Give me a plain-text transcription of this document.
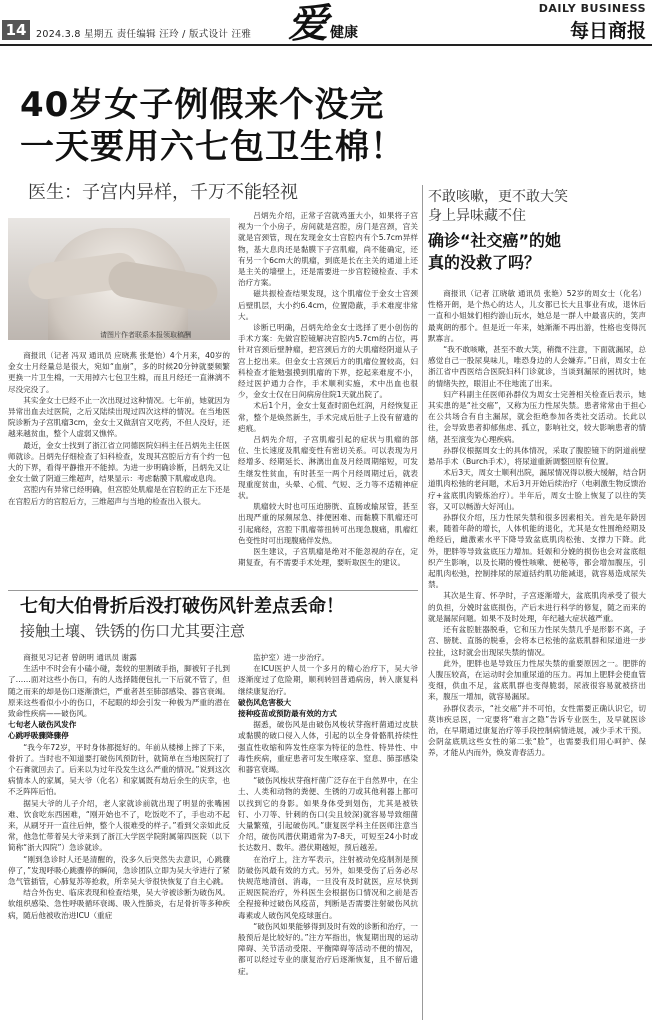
14	2024.3.8 星期五 责任编辑 汪玲 / 版式设计 汪雅 爱 健康
DAILY BUSINESS
每日商报
40岁女子例假来个没完
一天要用六七包卫生棉！
医生：子宫内异样，千万不能轻视
请图片作者联系本报领取稿酬

商报讯（记者 冯双 通讯员 应晓燕 张楚怡）4个月来，40岁的金女士月经量总是很大，宛如“血崩”，多的时候20分钟就要频繁更换一片卫生棉，一天用掉六七包卫生棉，而且月经还一直淋漓不尽没完没了。

其实金女士已经不止一次出现过这种情况。七年前，她就因为异常出血去过医院，之后又陆续出现过四次这样的情况。在当地医院诊断为子宫肌瘤3cm，金女士又做刮宫又吃药，不但人没好，还越来越贫血，整个人虚弱又憔悴。

最近，金女士找到了浙江省立同德医院妇科主任吕炳先主任医师就诊。吕炳先仔细检查了妇科检查，发现其宫腔后方有个约一包大的下界，看得平静推开不能掉。为进一步明确诊断，吕炳先又让金女士做了阴道三维超声，结果显示：考虑黏膜下肌瘤或息肉。

宫腔内有异常已经明确，但宫腔处肌瘤是在宫腔的正左下还是在宫腔后方的宫腔后方，三维超声与当地的检查出入很大。

吕炳先介绍，正常子宫就鸡蛋大小，如果将子宫视为一个小房子，房间就是宫腔，房门是宫颈，宫关就是宫颈管，现在发现金女士宫腔内有个5.7cm异样物，基大息肉还是黏膜下子宫肌瘤，尚不能确定，还有另一个6cm大的肌瘤，到底是长在主关的通道上还是主关的墙壁上，还是需要进一步宫腔镜检查、手术治疗方案。

磁共振检查结果发现，这个肌瘤位于金女士宫颈后壁肌层，大小约6.4cm，位置隐蔽，手术难度非常大。

诊断已明确，吕炳先给金女士选择了更小创伤的手术方案：先做宫腔镜解决宫腔内5.7cm的占位，再针对宫颈后壁肿瘤，把宫颈后方的大肌瘤经阴道从子宫上挖出来。但金女士宫颈后方的肌瘤位置较高，妇科检查才能勉强摸到肌瘤的下界，挖起来难度不小，经过医护通力合作，手术顺利实施，术中出血也很少，金女士仅在日间病房住院1天就出院了。

术后1个月，金女士复查时面色红润，月经恢复正常，整个是焕然新生，手术完成后肚子上没有留遗的疤痕。

吕炳先介绍，子宫肌瘤引起的症状与肌瘤的部位、生长速度及肌瘤变性有密切关系。可以表现为月经增多、经期延长、淋漓出血及月经周期缩短，可发生继发性贫血，有时甚至一两个月经周期过后，就表现重度贫血，头晕、心慌、气短、乏力等不适精神症状。

肌瘤较大时也可压迫膀胱、直肠或输尿管，甚至出现严重的尿频尿急、排便困难、而黏膜下肌瘤还可引起痛经，宫腔下肌瘤蒂扭转可出现急腹痛，肌瘤红色变性时可出现腹痛伴发热。

医生建议，子宫肌瘤是绝对不能忽视的存在，定期复查，有不需要手术处理，要听取医生的建议。

不敢咳嗽，更不敢大笑
身上异味藏不住
确诊“社交癌”的她
真的没救了吗？

商报讯（记者 江晓敏 通讯员 张艳）52岁的周女士（化名）性格开朗，是个热心的达人，儿女都已长大且事业有成，退休后一直和小姐妹们相约游山玩水，她总是一群人中最喜庆的，笑声最爽朗的那个。但是近一年来，她渐渐不再出游，性格也变得沉默寡言。

“我不敢咳嗽，甚至不敢大笑，稍微不注意，下面就漏尿，总感觉自己一股尿臭味儿，唯恐身边的人会嫌弃。”日前，周女士在浙江省中西医结合医院妇科门诊就诊，当谈到漏尿的困扰时，她的情绪失控，眼泪止不住地流了出来。

妇产科副主任医师孙群仪为周女士完善相关检查后表示，她其实患的是“社交癌”，又称为压力性尿失禁。患者常常由于担心在公共场合有自主漏尿，就会拒绝参加各类社交活动。长此以往，会导致患者抑郁焦虑、孤立，影响社交，较大影响患者的情绪，甚至演变为心理疾病。

孙群仪根据周女士的具体情况，采取了腹腔镜下的阴道前壁悬吊手术（Burch手术），将尿道重新调整回原有位置。

术后3天，周女士顺利出院，漏尿情况得以极大缓解，结合阴道肌肉松弛的老问题，术后3月开始后续治疗（电刺激生物反馈治疗+盆底肌肉锻炼治疗）。半年后，周女士脸上恢复了以往的笑容，又可以畅游大好河山。

孙群仪介绍，压力性尿失禁和很多因素相关。首先是年龄因素，随着年龄的增长，人体机能的退化，尤其是女性围绝经期及绝经后，雌激素水平下降导致盆底肌肉松弛、支撑力下降。此外，肥胖等导致盆底压力增加。妊娠和分娩的损伤也会对盆底组织产生影响，以及长期的慢性咳嗽、便秘等，都会增加腹压，引起肌肉松弛，控制排尿的尿道括约肌功能减退，就容易造成尿失禁。

其次是生育、怀孕时，子宫逐渐增大，盆底肌肉承受了很大的负担，分娩时盆底损伤，产后未进行科学的修复，随之而来的就是漏尿问题。如果不及时处理，年纪越大症状越严重。

还有盆腔脏器脱垂，它和压力性尿失禁几乎是形影不离，子宫、膀胱、直肠的脱垂，会将本已松弛的盆底肌群和尿道进一步拉扯，这时就会出现尿失禁的情况。

此外，肥胖也是导致压力性尿失禁的重要原因之一。肥胖的人腹压较高，在运动时会加重尿道的压力。再加上肥胖会使血管变细，供血不足，盆底肌群也变得脆弱，尿液很容易就被挤出来，腹压一增加，就容易漏尿。

孙群仪表示，“社交癌”并不可怕，女性需要正确认识它，切莫讳疾忌医，一定要将“难言之隐”告诉专业医生，及早就医诊治，在早期通过康复治疗等手段控制病情进展，减少手术干预。会阴盆底肌这些女性的第二张“脸”，也需要我们用心呵护、保养，才能从内而外，焕发青春活力。

七旬大伯骨折后没打破伤风针差点丢命！
接触土壤、铁锈的伤口尤其要注意

商报见习记者 曾朗明 通讯员 谢露

生活中不时会有小磕小碰，轰较的里割破手指，脚被钉子扎到了……面对这些小伤口，有的人选择随便包扎一下后就不管了，但随之而来的却是伤口逐渐溃烂，严重者甚至肺部感染、器官衰竭。原来这些看似小小的伤口，不起眼的却会引发一种极为严重的潜在致命性疾病——破伤风。

七旬老人破伤风发作

心跳呼吸骤降骤停

“我今年72岁，平时身体都挺好的。年前从楼梯上摔了下来，骨折了。当时也不知道要打破伤风预防针，就简单在当地医院打了个石膏就回去了。后来以为过年没发生这么严重的情况。”说到这次病情本人的家属，吴大爷（化名）和家属既有劫后余生的庆幸，也不乏阵阵后怕。

据吴大爷的儿子介绍，老人家就诊前就出现了明显的张嘴困难、饮食吃东西困难，“刚开始也不了，吃饭吃不了，手也动不起来，从刷牙开一直往后伸，整个人很难受的样子。”看到父亲如此反常，他急忙带着吴大爷来到了浙江大学医学院附属第四医院（以下简称“浙大四院”）急诊就诊。

“刚到急诊时人还是清醒的，没多久后突然失去意识，心跳骤停了，”发现呼吸心跳骤停的瞬间，急诊团队立即为吴大爷进行了紧急气管插管，心肺复苏等抢救，所幸吴大爷很快恢复了自主心跳。

结合外伤史、临床表现和检查结果，吴大爷被诊断为破伤风。软组织感染、急性呼吸循环衰竭、吸入性肺炎，右足骨折等多种疾病，随后他被收治进ICU（重症

监护室）进一步治疗。

在ICU医护人员一个多月的精心治疗下，吴大爷逐渐度过了危险期，顺利转回普通病房，转入康复科继续康复治疗。

破伤风危害极大

接种疫苗或预防最有效的方式

据悉，破伤风是由破伤风梭状芽孢杆菌通过皮肤或黏膜的破口侵入人体，引起的以全身骨骼肌持续性强直性收缩和阵发性痉挛为特征的急性、特异性、中毒性疾病，重症患者可发生喉痉挛、窒息、肺部感染和器官衰竭。

“破伤风梭状芽孢杆菌广泛存在于自然界中，在尘土、人类和动物的粪便、生锈的刀或其他利器上都可以找到它的身影。如果身体受到划伤，尤其是被铁钉、小刀等、针刺的伤口(尖且较深)就容易导致细菌大量繁殖，引起破伤风。”康复医学科主任医师注意当介绍，破伤风潜伏期通常为7-8天，可短至24小时或长达数月、数年。潜伏期越短，预后越差。

在治疗上，注方军表示，注射被动免疫制剂是预防破伤风最有效的方式。另外，如果受伤了后务必尽快规范地清创、消毒，一旦没有及时就医，应尽快到正规医院治疗，外科医生会根据伤口情况和之前是否全程接种过破伤风疫苗，判断是否需要注射破伤风抗毒素或人破伤风免疫球蛋白。

“破伤风如果能够得到及时有效的诊断和治疗，一般预后是比较好的。”注方军指出，恢复期出现的运动障碍、关节活动受限、平衡障碍等活动不便的情况，都可以经过专业的康复治疗后逐渐恢复，且不留后遗症。
